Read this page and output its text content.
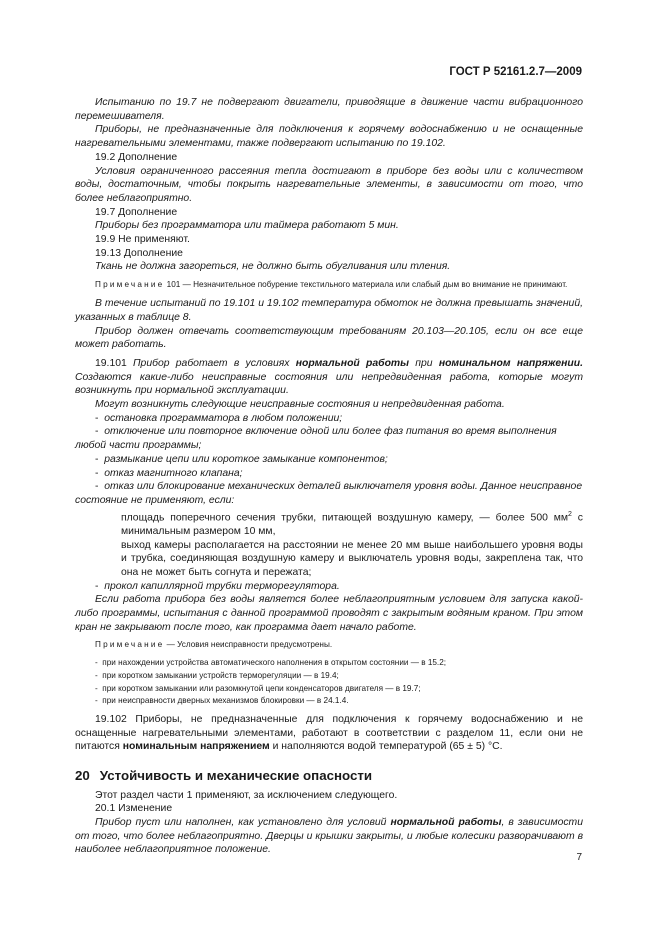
ГОСТ Р 52161.2.7—2009

Испытанию по 19.7 не подвергают двигатели, приводящие в движение части вибрационного перемешивателя.

Приборы, не предназначенные для подключения к горячему водоснабжению и не оснащенные нагревательными элементами, также подвергают испытанию по 19.102.

19.2 Дополнение

Условия ограниченного рассеяния тепла достигают в приборе без воды или с количеством воды, достаточным, чтобы покрыть нагревательные элементы, в зависимости от того, что более неблагоприятно.

19.7 Дополнение

Приборы без программатора или таймера работают 5 мин.

19.9 Не применяют.

19.13 Дополнение

Ткань не должна загореться, не должно быть обугливания или тления.

Примечание 101 — Незначительное побурение текстильного материала или слабый дым во внимание не принимают.

В течение испытаний по 19.101 и 19.102 температура обмоток не должна превышать значений, указанных в таблице 8.

Прибор должен отвечать соответствующим требованиям 20.103—20.105, если он все еще может работать.

19.101 Прибор работает в условиях нормальной работы при номинальном напряжении. Создаются какие-либо неисправные состояния или непредвиденная работа, которые могут возникнуть при нормальной эксплуатации.

Могут возникнуть следующие неисправные состояния и непредвиденная работа.

-  остановка программатора в любом положении;

-  отключение или повторное включение одной или более фаз питания во время выполнения любой части программы;

-  размыкание цепи или короткое замыкание компонентов;

-  отказ магнитного клапана;

-  отказ или блокирование механических деталей выключателя уровня воды. Данное неисправное состояние не применяют, если:

площадь поперечного сечения трубки, питающей воздушную камеру, — более 500 $мм^2$ с минимальным размером 10 мм,

выход камеры располагается на расстоянии не менее 20 мм выше наибольшего уровня воды и трубка, соединяющая воздушную камеру и выключатель уровня воды, закреплена так, что она не может быть согнута и пережата;

-  прокол капиллярной трубки терморегулятора.

Если работа прибора без воды является более неблагоприятным условием для запуска какой-либо программы, испытания с данной программой проводят с закрытым водяным краном. При этом кран не закрывают после того, как программа дает начало работе.

Примечание — Условия неисправности предусмотрены.

-  при нахождении устройства автоматического наполнения в открытом состоянии — в 15.2;

-  при коротком замыкании устройств терморегуляции — в 19.4;

-  при коротком замыкании или разомкнутой цепи конденсаторов двигателя — в 19.7;

-  при неисправности дверных механизмов блокировки — в 24.1.4.

19.102 Приборы, не предназначенные для подключения к горячему водоснабжению и не оснащенные нагревательными элементами, работают в соответствии с разделом 11, если они не питаются номинальным напряжением и наполняются водой температурой (65 ± 5) °С.

20 Устойчивость и механические опасности

Этот раздел части 1 применяют, за исключением следующего.

20.1 Изменение

Прибор пуст или наполнен, как установлено для условий нормальной работы, в зависимости от того, что более неблагоприятно. Дверцы и крышки закрыты, и любые колесики разворачивают в наиболее неблагоприятное положение.

7
